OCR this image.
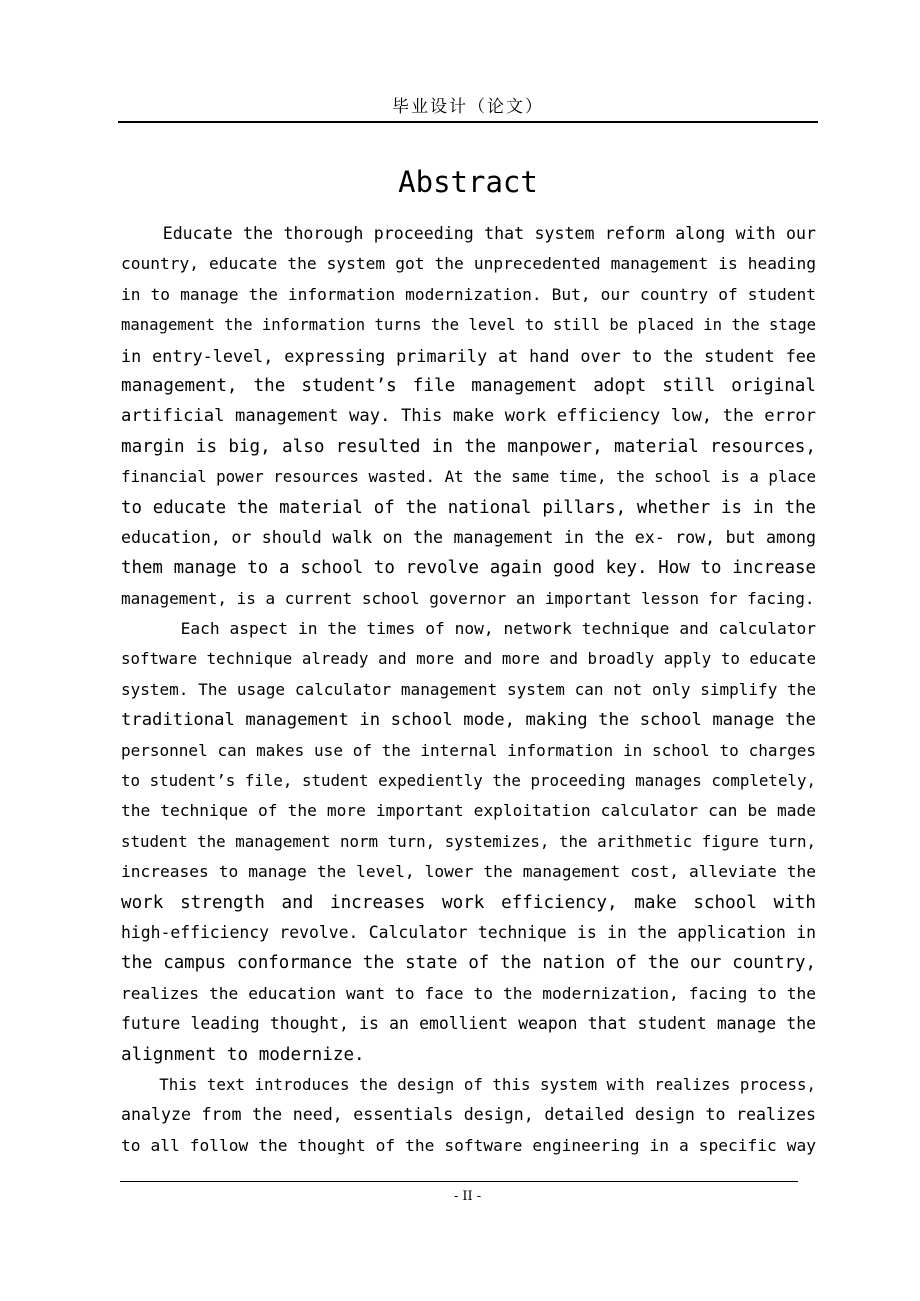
毕业设计（论文）
Abstract
Educate the thorough proceeding that system reform along with our
country, educate the system got the unprecedented management is heading
in to manage the information modernization. But, our country of student
management the information turns the level to still be placed in the stage
in entry-level, expressing primarily at hand over to the student fee
management, the student’s file management adopt still original
artificial management way. This make work efficiency low, the error
margin is big, also resulted in the manpower, material resources,
financial power resources wasted. At the same time, the school is a place
to educate the material of the national pillars, whether is in the
education, or should walk on the management in the ex- row, but among
them manage to a school to revolve again good key. How to increase
management, is a current school governor an important lesson for facing.
Each aspect in the times of now, network technique and calculator
software technique already and more and more and broadly apply to educate
system. The usage calculator management system can not only simplify the
traditional management in school mode, making the school manage the
personnel can makes use of the internal information in school to charges
to student’s file, student expediently the proceeding manages completely,
the technique of the more important exploitation calculator can be made
student the management norm turn, systemizes, the arithmetic figure turn,
increases to manage the level, lower the management cost, alleviate the
work strength and increases work efficiency, make school with
high-efficiency revolve. Calculator technique is in the application in
the campus conformance the state of the nation of the our country,
realizes the education want to face to the modernization, facing to the
future leading thought, is an emollient weapon that student manage the
alignment to modernize.
This text introduces the design of this system with realizes process,
analyze from the need, essentials design, detailed design to realizes
to all follow the thought of the software engineering in a specific way
- II -
